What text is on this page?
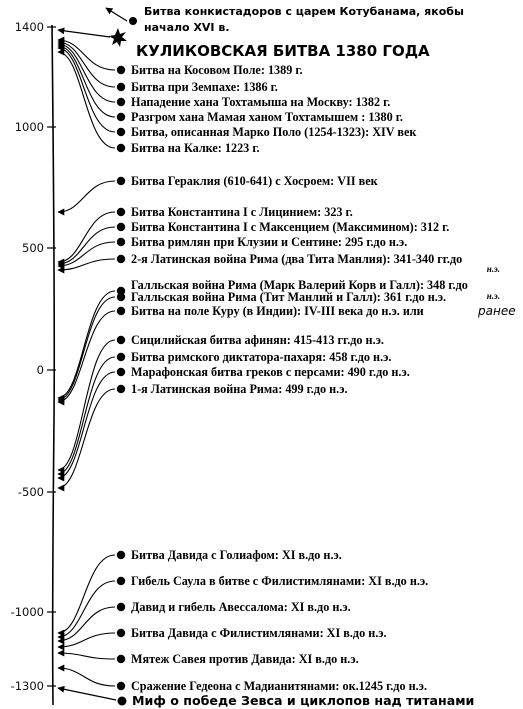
1400
1000
500
0
-500
-1000
-1300
Битва конкистадоров с царем Котубанама, якобы
начало XVI в.
КУЛИКОВСКАЯ БИТВА 1380 ГОДА
Битва на Косовом Поле: 1389 г.
Битва при Земпахе: 1386 г.
Нападение хана Тохтамыша на Москву: 1382 г.
Разгром хана Мамая ханом Тохтамышем : 1380 г.
Битва, описанная Марко Поло (1254-1323): XIV век
Битва на Калке: 1223 г.
Битва Гераклия (610-641) с Хосроем: VII век
Битва Константина I с Лицинием: 323 г.
Битва Константина I с Максенцием (Максимином): 312 г.
Битва римлян при Клузии и Сентине: 295 г.до н.э.
2-я Латинская война Рима (два Тита Манлия): 341-340 гг.до
н.э.
Галльская война Рима (Марк Валерий Корв и Галл): 348 г.до
н.э.
Галльская война Рима (Тит Манлий и Галл): 361 г.до н.э.
Битва на поле Куру (в Индии): IV-III века до н.э. или	ранее
Сицилийская битва афинян: 415-413 гг.до н.э.
Битва римского диктатора-пахаря: 458 г.до н.э.
Марафонская битва греков с персами: 490 г.до н.э.
1-я Латинская война Рима: 499 г.до н.э.
Битва Давида с Голиафом: XI в.до н.э.
Гибель Саула в битве с Филистимлянами: XI в.до н.э.
Давид и гибель Авессалома: XI в.до н.э.
Битва Давида с Филистимлянами: XI в.до н.э.
Мятеж Савея против Давида: XI в.до н.э.
Сражение Гедеона с Мадианитянами: ок.1245 г.до н.э.
Миф о победе Зевса и циклопов над титанами
